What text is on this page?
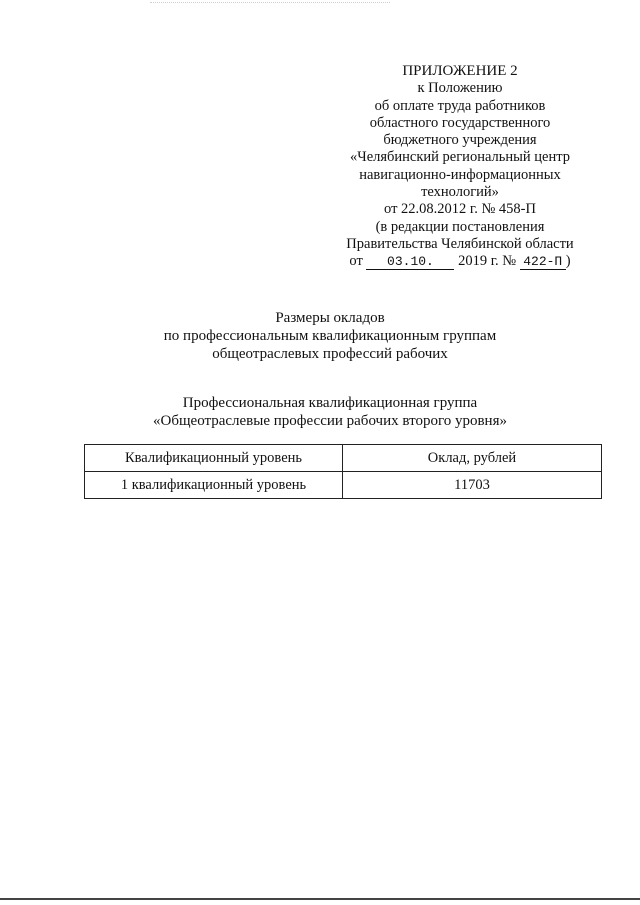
ПРИЛОЖЕНИЕ 2
к Положению
об оплате труда работников
областного государственного
бюджетного учреждения
«Челябинский региональный центр
навигационно-информационных
технологий»
от 22.08.2012 г. № 458-П
(в редакции постановления
Правительства Челябинской области
от 03.10. 2019 г. № 422-П )
Размеры окладов
по профессиональным квалификационным группам
общеотраслевых профессий рабочих
Профессиональная квалификационная группа
«Общеотраслевые профессии рабочих второго уровня»
Квалификационный уровень	Оклад, рублей
1 квалификационный уровень	11703
